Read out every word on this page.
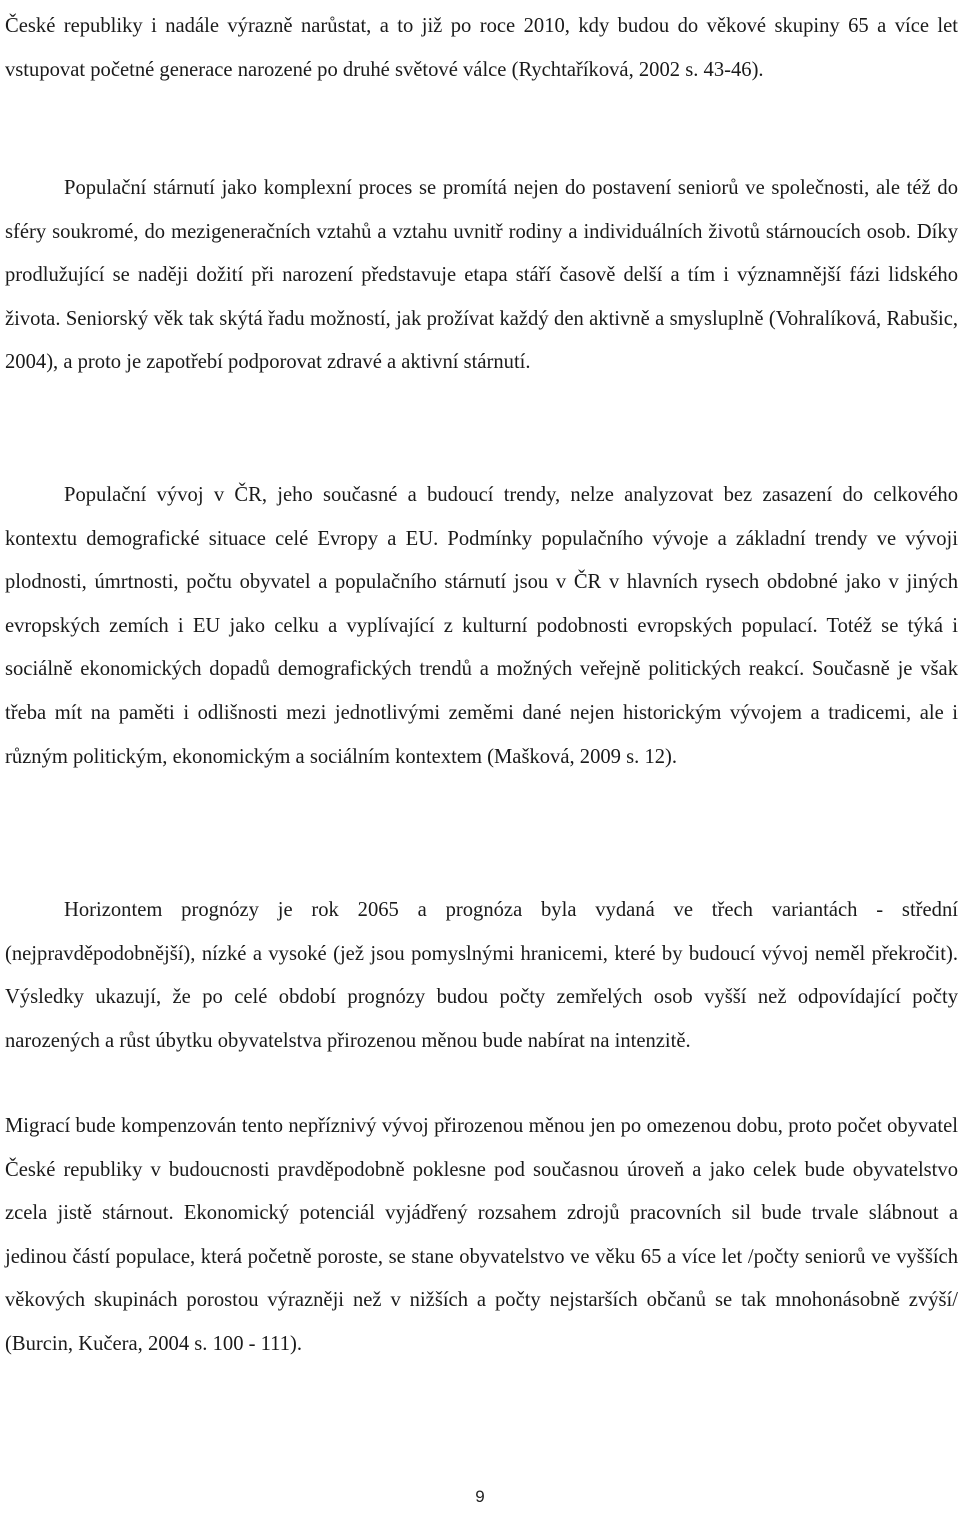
České republiky i nadále výrazně narůstat, a to již po roce 2010, kdy budou do věkové skupiny 65 a více let vstupovat početné generace narozené po druhé světové válce (Rychtaříková, 2002 s. 43-46).

Populační stárnutí jako komplexní proces se promítá nejen do postavení seniorů ve společnosti, ale též do sféry soukromé, do mezigeneračních vztahů a vztahu uvnitř rodiny a individuálních životů stárnoucích osob. Díky prodlužující se naději dožití při narození představuje etapa stáří časově delší a tím i významnější fázi lidského života. Seniorský věk tak skýtá řadu možností, jak prožívat každý den aktivně a smysluplně (Vohralíková, Rabušic, 2004), a proto je zapotřebí podporovat zdravé a aktivní stárnutí.

Populační vývoj v ČR, jeho současné a budoucí trendy, nelze analyzovat bez zasazení do celkového kontextu demografické situace celé Evropy a EU. Podmínky populačního vývoje a základní trendy ve vývoji plodnosti, úmrtnosti, počtu obyvatel a populačního stárnutí jsou v ČR v hlavních rysech obdobné jako v jiných evropských zemích i EU jako celku a vyplívající z kulturní podobnosti evropských populací. Totéž se týká i sociálně ekonomických dopadů demografických trendů a možných veřejně politických reakcí. Současně je však třeba mít na paměti i odlišnosti mezi jednotlivými zeměmi dané nejen historickým vývojem a tradicemi, ale i různým politickým, ekonomickým a sociálním kontextem (Mašková, 2009 s. 12).

Horizontem prognózy je rok 2065 a prognóza byla vydaná ve třech variantách - střední (nejpravděpodobnější), nízké a vysoké (jež jsou pomyslnými hranicemi, které by budoucí vývoj neměl překročit). Výsledky ukazují, že po celé období prognózy budou počty zemřelých osob vyšší než odpovídající počty narozených a růst úbytku obyvatelstva přirozenou měnou bude nabírat na intenzitě.

Migrací bude kompenzován tento nepříznivý vývoj přirozenou měnou jen po omezenou dobu, proto počet obyvatel České republiky v budoucnosti pravděpodobně poklesne pod současnou úroveň a jako celek bude obyvatelstvo zcela jistě stárnout. Ekonomický potenciál vyjádřený rozsahem zdrojů pracovních sil bude trvale slábnout a jedinou částí populace, která početně poroste, se stane obyvatelstvo ve věku 65 a více let /počty seniorů ve vyšších věkových skupinách porostou výrazněji než v nižších a počty nejstarších občanů se tak mnohonásobně zvýší/ (Burcin, Kučera, 2004 s. 100 - 111).

9
